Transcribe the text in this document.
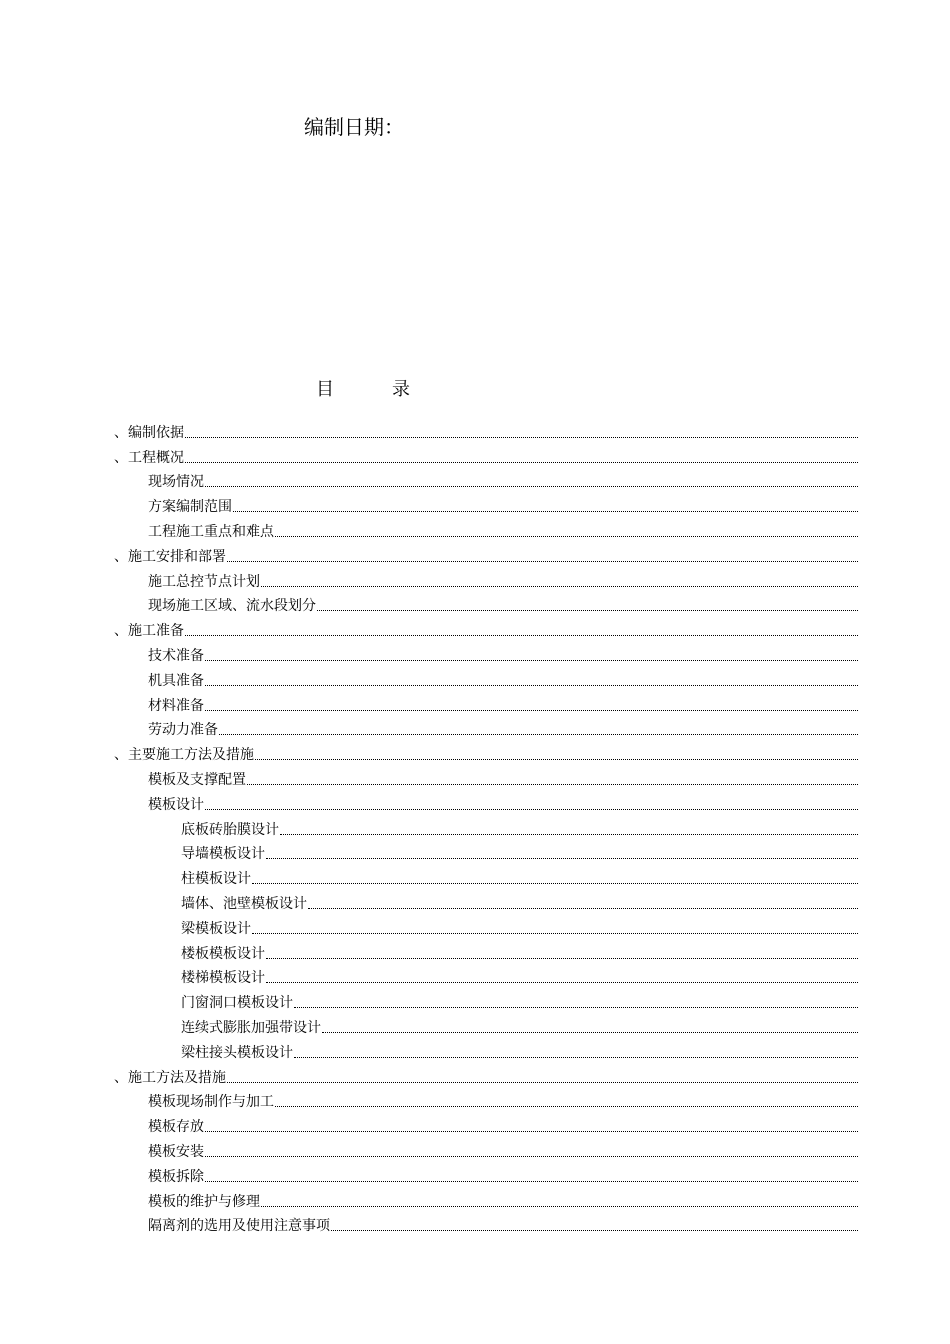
编制日期：
目	录
、编制依据
、工程概况
现场情况
方案编制范围
工程施工重点和难点
、施工安排和部署
施工总控节点计划
现场施工区域、流水段划分
、施工准备
技术准备
机具准备
材料准备
劳动力准备
、主要施工方法及措施
模板及支撑配置
模板设计
底板砖胎膜设计
导墙模板设计
柱模板设计
墙体、池壁模板设计
梁模板设计
楼板模板设计
楼梯模板设计
门窗洞口模板设计
连续式膨胀加强带设计
梁柱接头模板设计
、施工方法及措施
模板现场制作与加工
模板存放
模板安装
模板拆除
模板的维护与修理
隔离剂的选用及使用注意事项
